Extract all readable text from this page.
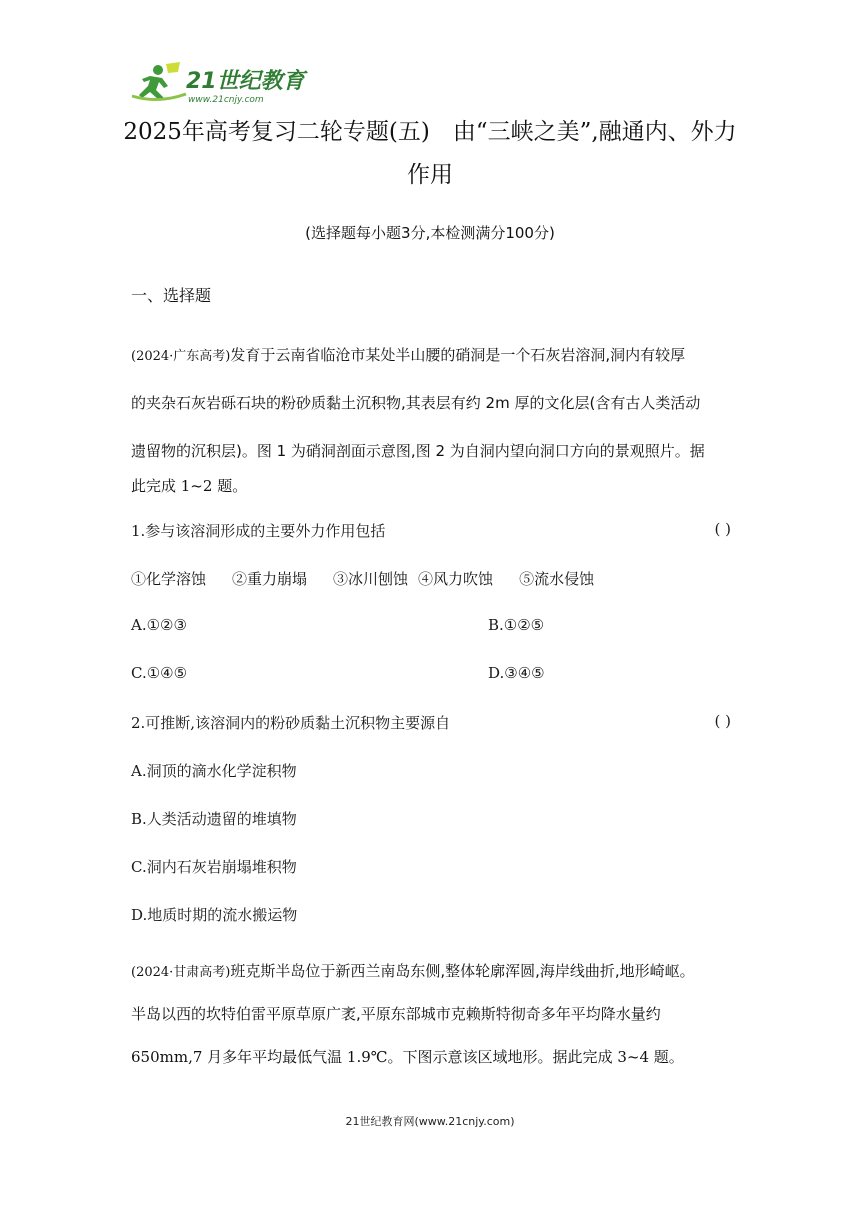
21世纪教育
www.21cnjy.com
2025年高考复习二轮专题(五)　由“三峡之美”,融通内、外力
作用
(选择题每小题3分,本检测满分100分)
一、选择题
(2024·广东高考)发育于云南省临沧市某处半山腰的硝洞是一个石灰岩溶洞,洞内有较厚
的夹杂石灰岩砾石块的粉砂质黏土沉积物,其表层有约 2m 厚的文化层(含有古人类活动
遗留物的沉积层)。图 1 为硝洞剖面示意图,图 2 为自洞内望向洞口方向的景观照片。据
此完成 1~2 题。
1.参与该溶洞形成的主要外力作用包括	( )
①化学溶蚀 ②重力崩塌 ③冰川刨蚀 ④风力吹蚀 ⑤流水侵蚀
A.①②③	B.①②⑤
C.①④⑤	D.③④⑤
2.可推断,该溶洞内的粉砂质黏土沉积物主要源自	( )
A.洞顶的滴水化学淀积物
B.人类活动遗留的堆填物
C.洞内石灰岩崩塌堆积物
D.地质时期的流水搬运物
(2024·甘肃高考)班克斯半岛位于新西兰南岛东侧,整体轮廓浑圆,海岸线曲折,地形崎岖。
半岛以西的坎特伯雷平原草原广袤,平原东部城市克赖斯特彻奇多年平均降水量约
650mm,7 月多年平均最低气温 1.9℃。下图示意该区域地形。据此完成 3~4 题。
21世纪教育网(www.21cnjy.com)
